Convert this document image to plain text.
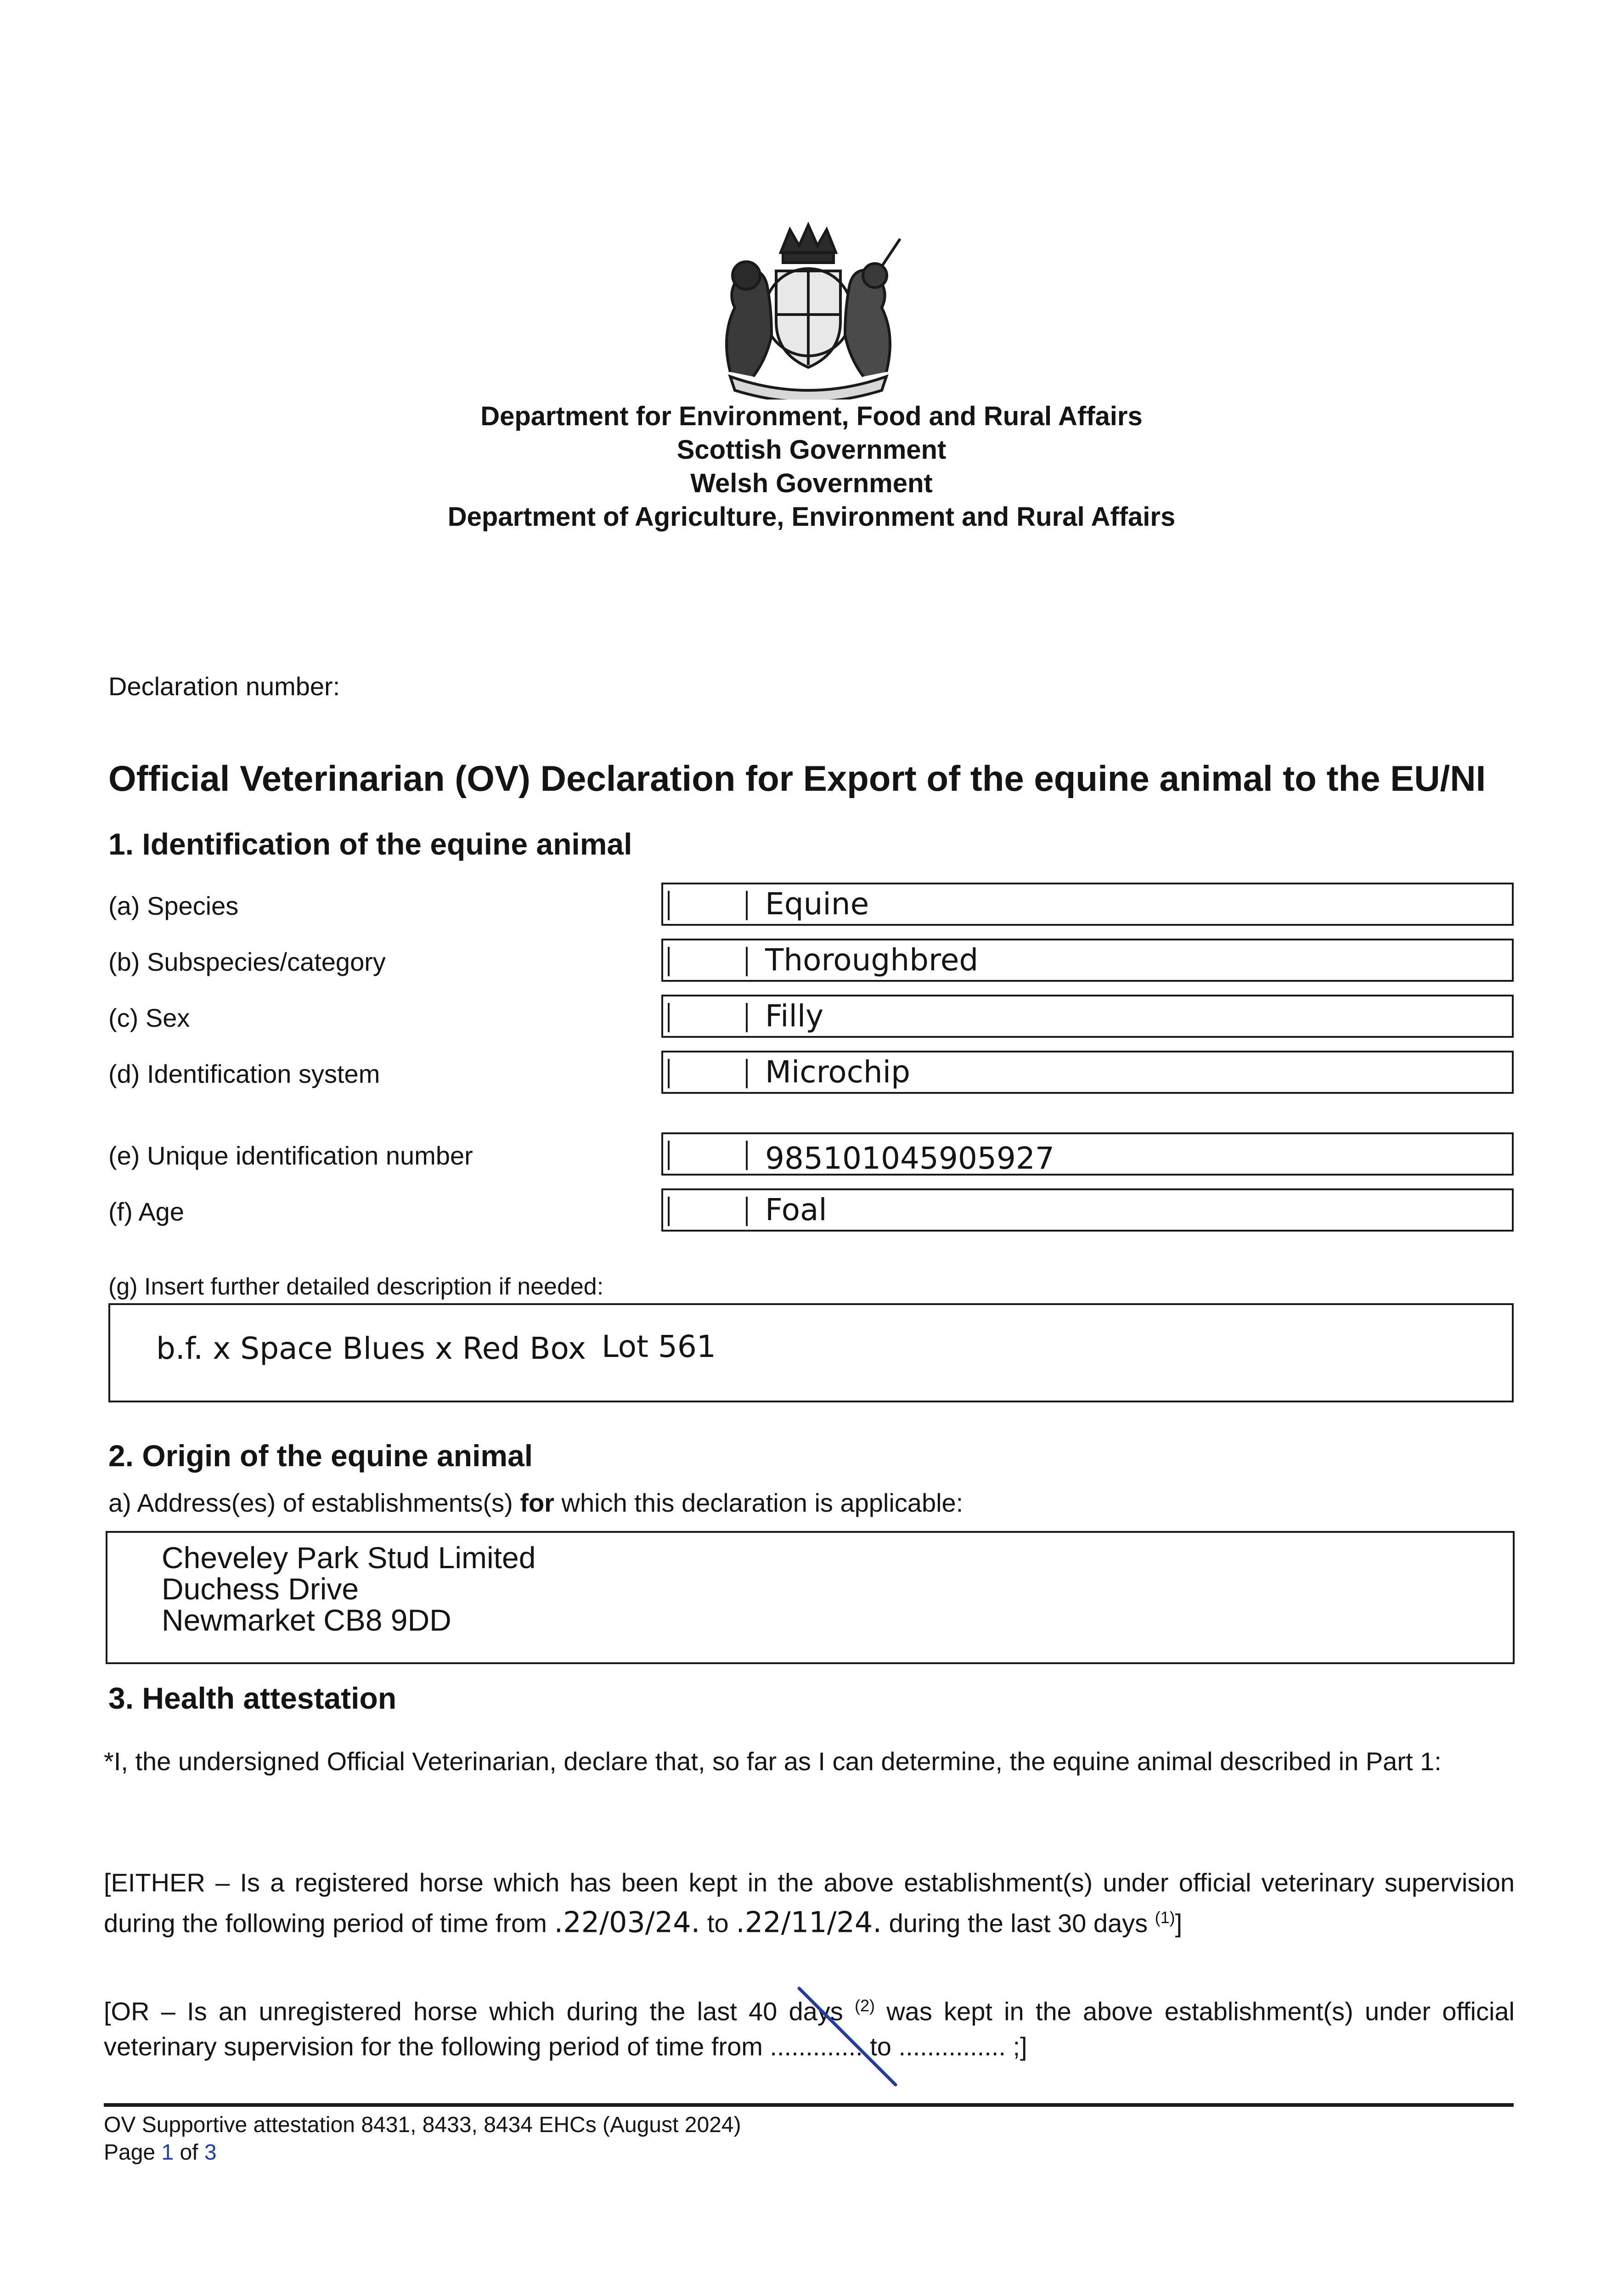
Department for Environment, Food and Rural Affairs
Scottish Government
Welsh Government
Department of Agriculture, Environment and Rural Affairs
Declaration number:
Official Veterinarian (OV) Declaration for Export of the equine animal to the EU/NI
1. Identification of the equine animal
(a) Species	Equine
(b) Subspecies/category	Thoroughbred
(c) Sex	Filly
(d) Identification system	Microchip
(e) Unique identification number	985101045905927
(f) Age	Foal
(g) Insert further detailed description if needed:
b.f. x Space Blues x Red Box Lot 561
2. Origin of the equine animal
a) Address(es) of establishments(s) for which this declaration is applicable:
Cheveley Park Stud Limited
Duchess Drive
Newmarket CB8 9DD
3. Health attestation
*I, the undersigned Official Veterinarian, declare that, so far as I can determine, the equine animal described in Part 1:
[EITHER – Is a registered horse which has been kept in the above establishment(s) under official veterinary supervision during the following period of time from .22/03/24. to .22/11/24. during the last 30 days $^{(1)}$]
[OR – Is an unregistered horse which during the last 40 days $^{(2)}$ was kept in the above establishment(s) under official veterinary supervision for the following period of time from ............. to ............... ;]
OV Supportive attestation 8431, 8433, 8434 EHCs (August 2024)
Page 1 of 3
